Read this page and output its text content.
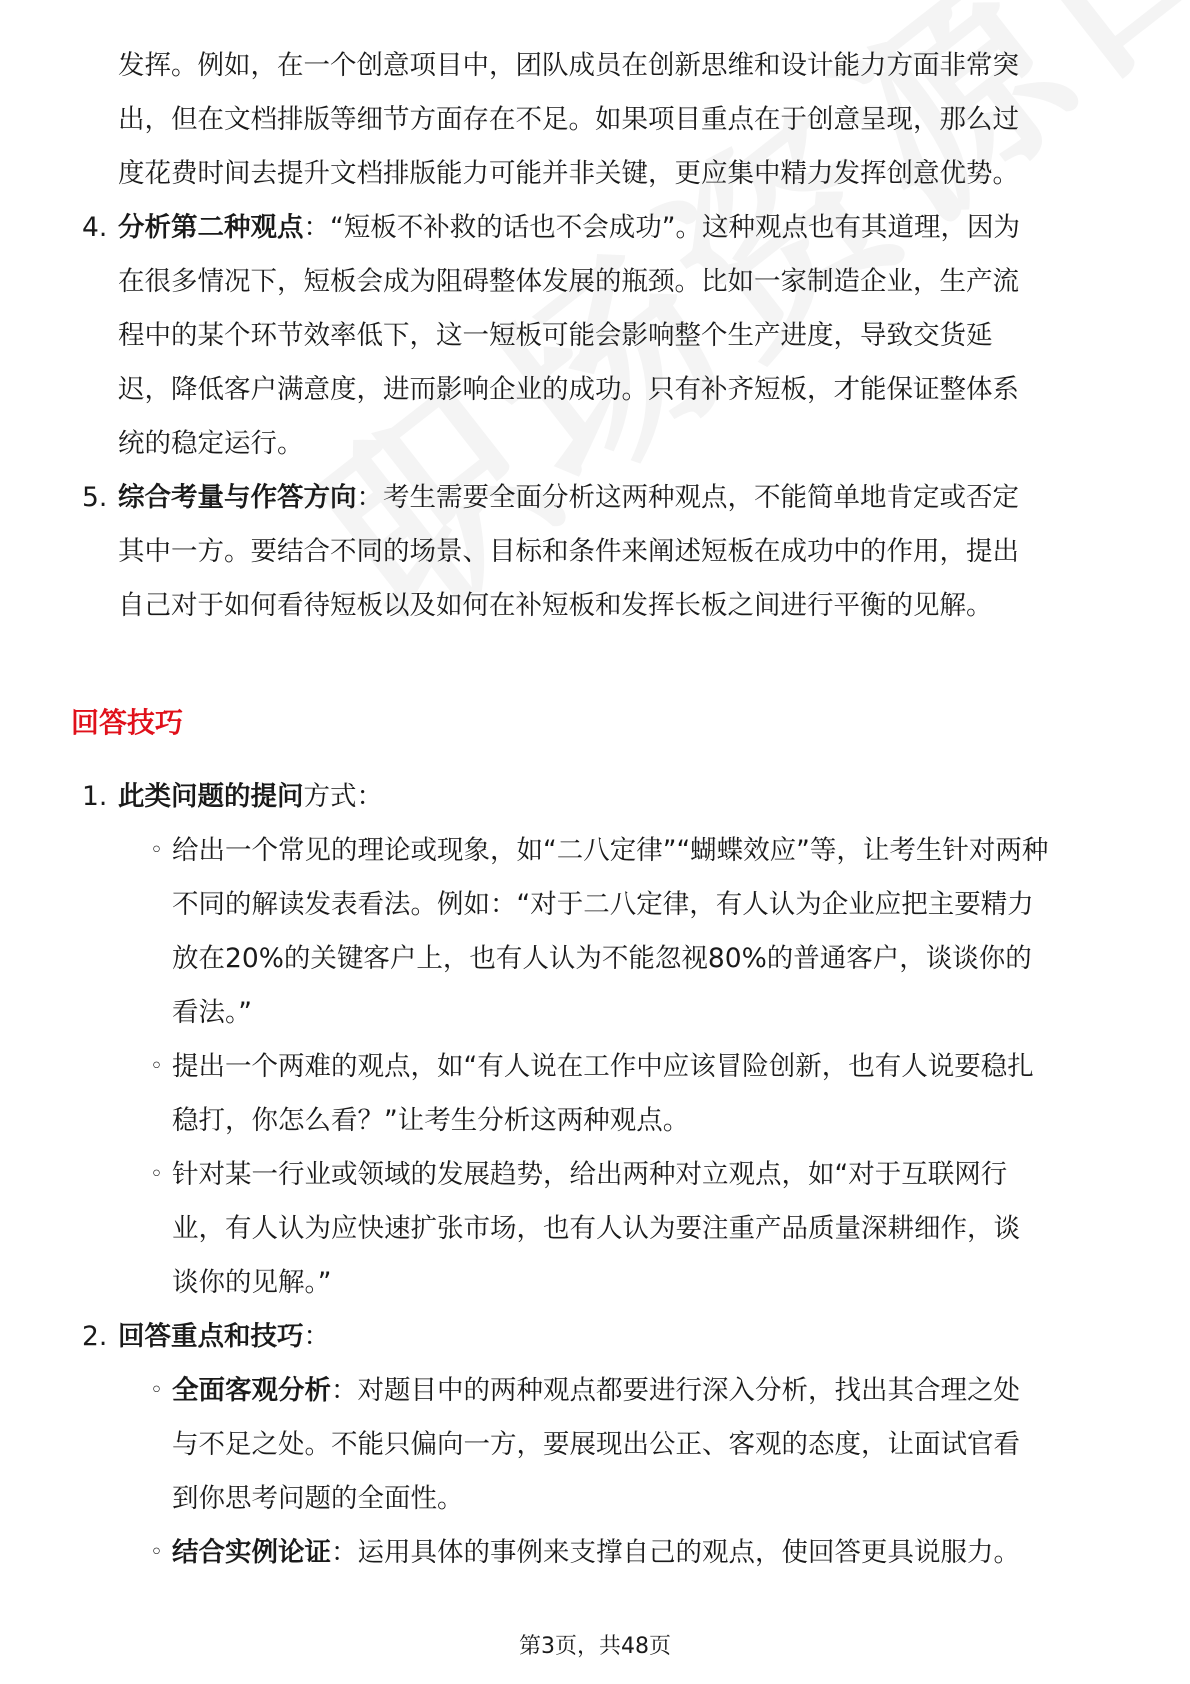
发挥。例如，在一个创意项目中，团队成员在创新思维和设计能力方面非常突
出，但在文档排版等细节方面存在不足。如果项目重点在于创意呈现，那么过
度花费时间去提升文档排版能力可能并非关键，更应集中精力发挥创意优势。
4. 分析第二种观点：“短板不补救的话也不会成功”。这种观点也有其道理，因为
在很多情况下，短板会成为阻碍整体发展的瓶颈。比如一家制造企业，生产流
程中的某个环节效率低下，这一短板可能会影响整个生产进度，导致交货延
迟，降低客户满意度，进而影响企业的成功。只有补齐短板，才能保证整体系
统的稳定运行。
5. 综合考量与作答方向：考生需要全面分析这两种观点，不能简单地肯定或否定
其中一方。要结合不同的场景、目标和条件来阐述短板在成功中的作用，提出
自己对于如何看待短板以及如何在补短板和发挥长板之间进行平衡的见解。
回答技巧
1. 此类问题的提问方式：
◦ 给出一个常见的理论或现象，如“二八定律”“蝴蝶效应”等，让考生针对两种
不同的解读发表看法。例如：“对于二八定律，有人认为企业应把主要精力
放在20%的关键客户上，也有人认为不能忽视80%的普通客户，谈谈你的
看法。”
◦ 提出一个两难的观点，如“有人说在工作中应该冒险创新，也有人说要稳扎
稳打，你怎么看？”让考生分析这两种观点。
◦ 针对某一行业或领域的发展趋势，给出两种对立观点，如“对于互联网行
业，有人认为应快速扩张市场，也有人认为要注重产品质量深耕细作，谈
谈你的见解。”
2. 回答重点和技巧：
◦ 全面客观分析：对题目中的两种观点都要进行深入分析，找出其合理之处
与不足之处。不能只偏向一方，要展现出公正、客观的态度，让面试官看
到你思考问题的全面性。
◦ 结合实例论证：运用具体的事例来支撑自己的观点，使回答更具说服力。
第3页，共48页
